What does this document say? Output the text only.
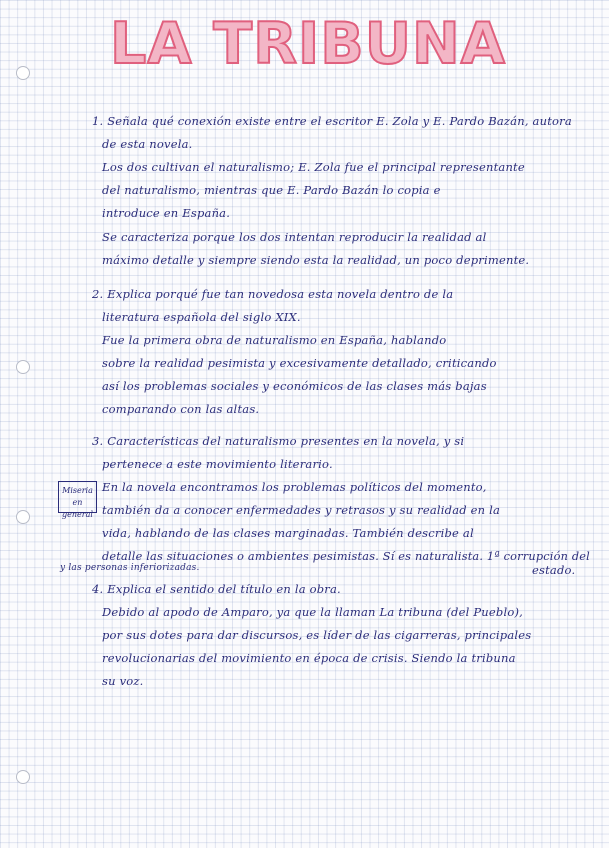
LA TRIBUNA
1. Señala qué conexión existe entre el escritor E. Zola y E. Pardo Bazán, autora
de esta novela.
Los dos cultivan el naturalismo; E. Zola fue el principal representante
del naturalismo, mientras que E. Pardo Bazán lo copia e
introduce en España.
Se caracteriza porque los dos intentan reproducir la realidad al
máximo detalle y siempre siendo esta la realidad, un poco deprimente.
2. Explica porqué fue tan novedosa esta novela dentro de la
literatura española del siglo XIX.
Fue la primera obra de naturalismo en España, hablando
sobre la realidad pesimista y excesivamente detallado, criticando
así los problemas sociales y económicos de las clases más bajas
comparando con las altas.
3. Características del naturalismo presentes en la novela, y si
pertenece a este movimiento literario.
Miseria
en general
En la novela encontramos los problemas políticos del momento,
también da a conocer enfermedades y retrasos y su realidad en la
vida, hablando de las clases marginadas. También describe al
detalle las situaciones o ambientes pesimistas. Sí es naturalista. 1ª corrupción del
y las personas inferiorizadas.	estado.
4. Explica el sentido del título en la obra.
Debido al apodo de Amparo, ya que la llaman La tribuna (del Pueblo),
por sus dotes para dar discursos, es líder de las cigarreras, principales
revolucionarias del movimiento en época de crisis. Siendo la tribuna
su voz.
